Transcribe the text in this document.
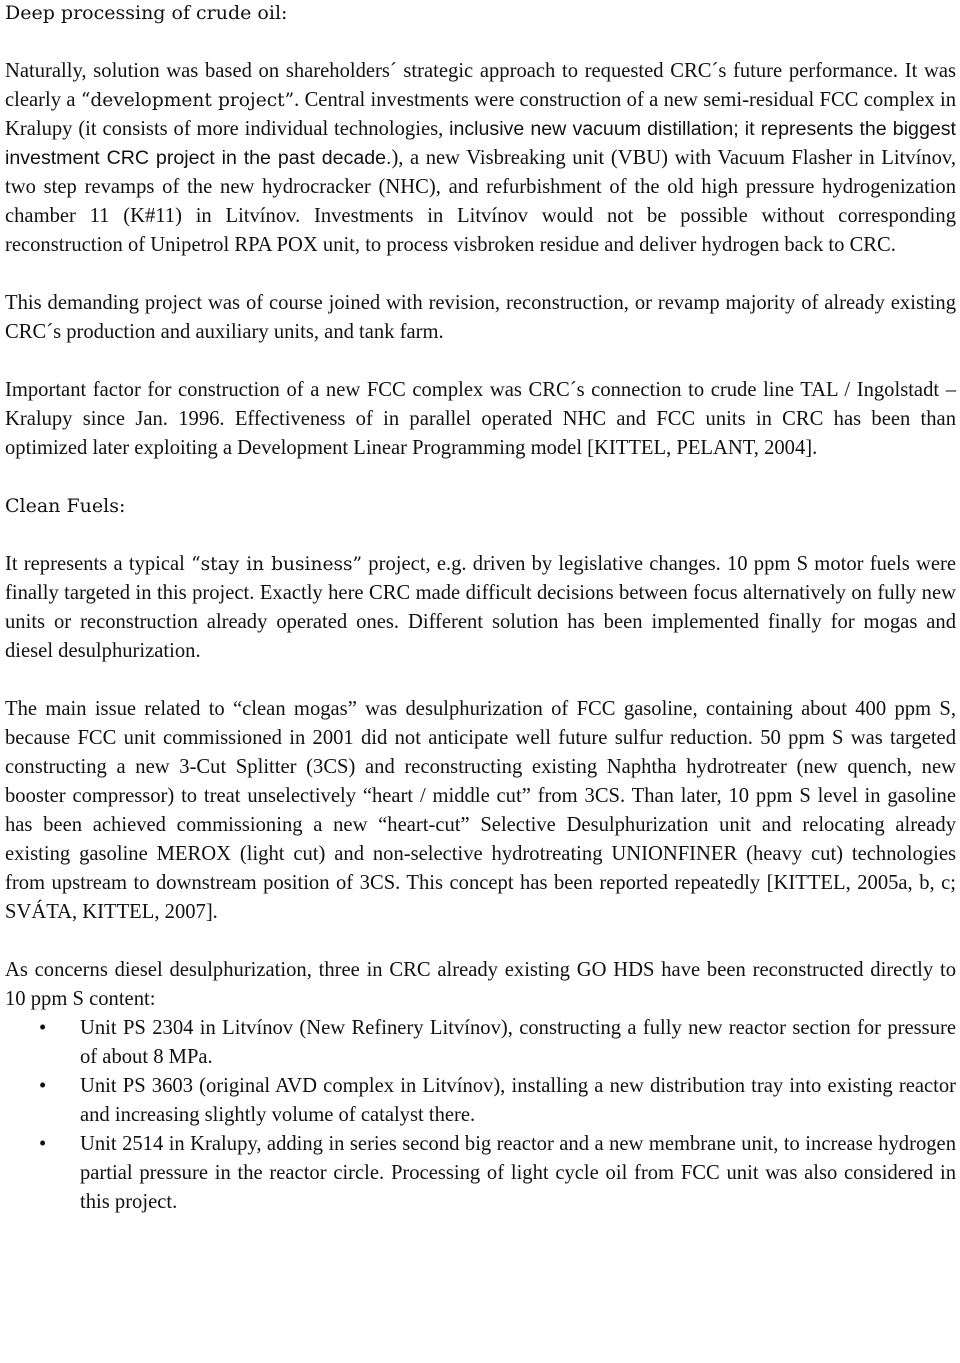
Deep processing of crude oil:

Naturally, solution was based on shareholders´ strategic approach to requested CRC´s future performance. It was clearly a “development project”. Central investments were construction of a new semi-residual FCC complex in Kralupy (it consists of more individual technologies, inclusive new vacuum distillation; it represents the biggest investment CRC project in the past decade.), a new Visbreaking unit (VBU) with Vacuum Flasher in Litvínov, two step revamps of the new hydrocracker (NHC), and refurbishment of the old high pressure hydrogenization chamber 11 (K#11) in Litvínov. Investments in Litvínov would not be possible without corresponding reconstruction of Unipetrol RPA POX unit, to process visbroken residue and deliver hydrogen back to CRC.

This demanding project was of course joined with revision, reconstruction, or revamp majority of already existing CRC´s production and auxiliary units, and tank farm.

Important factor for construction of a new FCC complex was CRC´s connection to crude line TAL / Ingolstadt – Kralupy since Jan. 1996. Effectiveness of in parallel operated NHC and FCC units in CRC has been than optimized later exploiting a Development Linear Programming model [KITTEL, PELANT, 2004].

Clean Fuels:

It represents a typical “stay in business” project, e.g. driven by legislative changes. 10 ppm S motor fuels were finally targeted in this project. Exactly here CRC made difficult decisions between focus alternatively on fully new units or reconstruction already operated ones. Different solution has been implemented finally for mogas and diesel desulphurization.

The main issue related to “clean mogas” was desulphurization of FCC gasoline, containing about 400 ppm S, because FCC unit commissioned in 2001 did not anticipate well future sulfur reduction. 50 ppm S was targeted constructing a new 3-Cut Splitter (3CS) and reconstructing existing Naphtha hydrotreater (new quench, new booster compressor) to treat unselectively “heart / middle cut” from 3CS. Than later, 10 ppm S level in gasoline has been achieved commissioning a new “heart-cut” Selective Desulphurization unit and relocating already existing gasoline MEROX (light cut) and non-selective hydrotreating UNIONFINER (heavy cut) technologies from upstream to downstream position of 3CS. This concept has been reported repeatedly [KITTEL, 2005a, b, c; SVÁTA, KITTEL, 2007].

As concerns diesel desulphurization, three in CRC already existing GO HDS have been reconstructed directly to 10 ppm S content:

• Unit PS 2304 in Litvínov (New Refinery Litvínov), constructing a fully new reactor section for pressure of about 8 MPa.
• Unit PS 3603 (original AVD complex in Litvínov), installing a new distribution tray into existing reactor and increasing slightly volume of catalyst there.
• Unit 2514 in Kralupy, adding in series second big reactor and a new membrane unit, to increase hydrogen partial pressure in the reactor circle. Processing of light cycle oil from FCC unit was also considered in this project.
